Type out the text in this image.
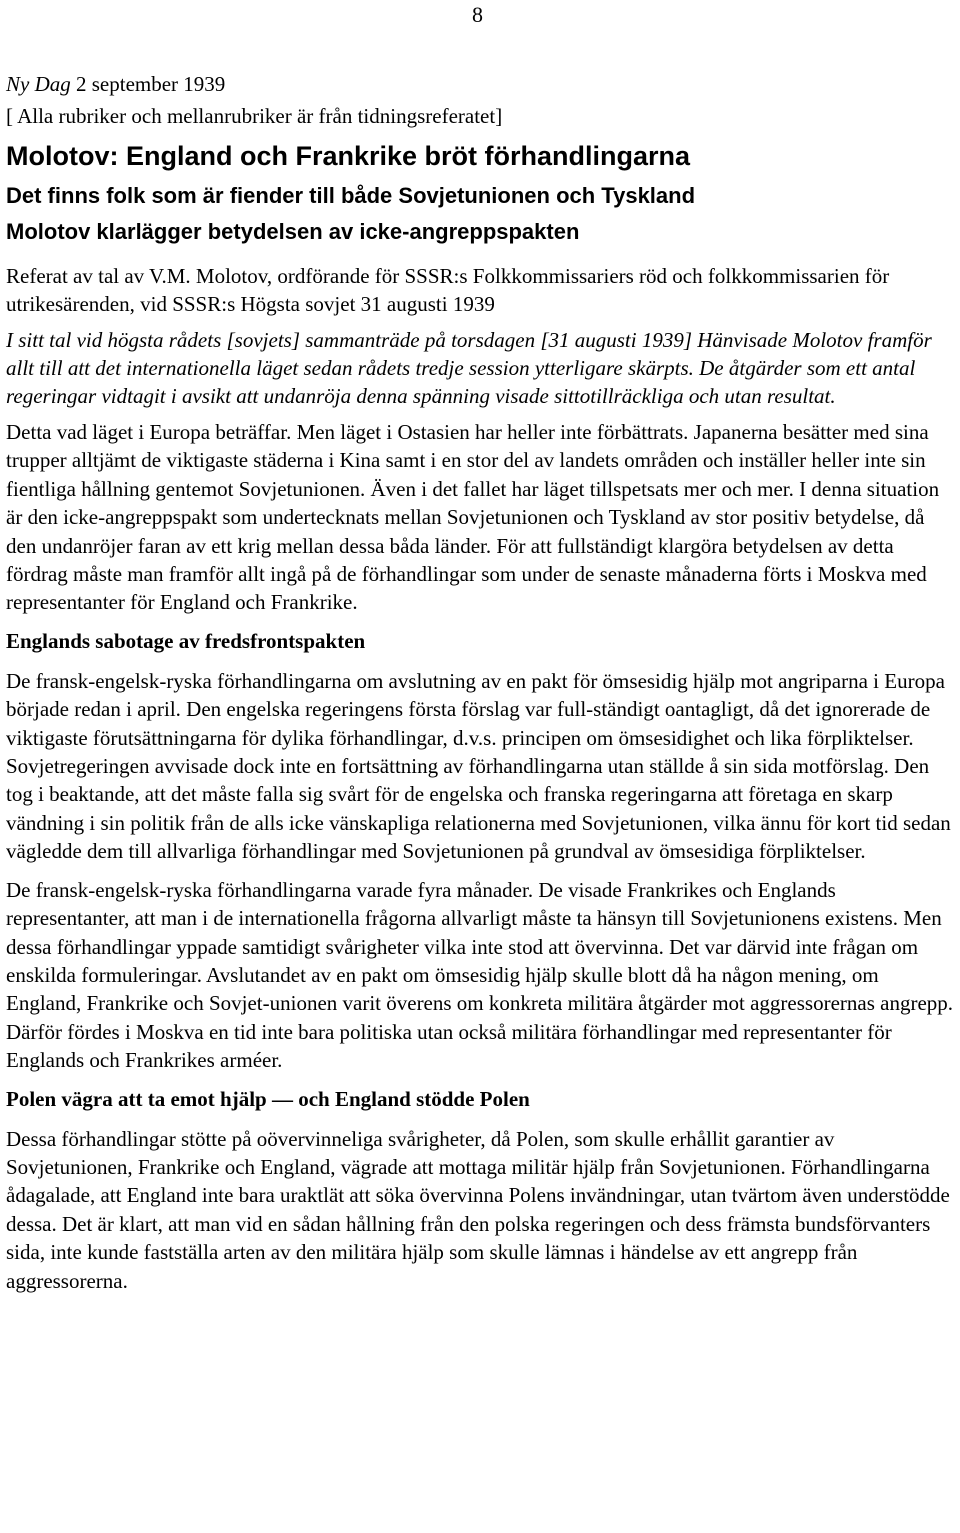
8
Ny Dag 2 september 1939
[ Alla rubriker och mellanrubriker är från tidningsreferatet]
Molotov: England och Frankrike bröt förhandlingarna
Det finns folk som är fiender till både Sovjetunionen och Tyskland
Molotov klarlägger betydelsen av icke-angreppspakten
Referat av tal av V.M. Molotov, ordförande för SSSR:s Folkkommissariers röd och folkkommissarien för utrikesärenden, vid SSSR:s Högsta sovjet 31 augusti 1939
I sitt tal vid högsta rådets [sovjets] sammanträde på torsdagen [31 augusti 1939] Hänvisade Molotov framför allt till att det internationella läget sedan rådets tredje session ytterligare skärpts. De åtgärder som ett antal regeringar vidtagit i avsikt att undanröja denna spänning visade sittotillräckliga och utan resultat.

Detta vad läget i Europa beträffar. Men läget i Ostasien har heller inte förbättrats. Japanerna besätter med sina trupper alltjämt de viktigaste städerna i Kina samt i en stor del av landets områden och inställer heller inte sin fientliga hållning gentemot Sovjetunionen. Även i det fallet har läget tillspetsats mer och mer. I denna situation är den icke-angreppspakt som undertecknats mellan Sovjetunionen och Tyskland av stor positiv betydelse, då den undanröjer faran av ett krig mellan dessa båda länder. För att fullständigt klargöra betydelsen av detta fördrag måste man framför allt ingå på de förhandlingar som under de senaste månaderna förts i Moskva med representanter för England och Frankrike.

Englands sabotage av fredsfrontspakten

De fransk-engelsk-ryska förhandlingarna om avslutning av en pakt för ömsesidig hjälp mot angriparna i Europa började redan i april. Den engelska regeringens första förslag var full-ständigt oantagligt, då det ignorerade de viktigaste förutsättningarna för dylika förhandlingar, d.v.s. principen om ömsesidighet och lika förpliktelser. Sovjetregeringen avvisade dock inte en fortsättning av förhandlingarna utan ställde å sin sida motförslag. Den tog i beaktande, att det måste falla sig svårt för de engelska och franska regeringarna att företaga en skarp vändning i sin politik från de alls icke vänskapliga relationerna med Sovjetunionen, vilka ännu för kort tid sedan vägledde dem till allvarliga förhandlingar med Sovjetunionen på grundval av ömsesidiga förpliktelser.

De fransk-engelsk-ryska förhandlingarna varade fyra månader. De visade Frankrikes och Englands representanter, att man i de internationella frågorna allvarligt måste ta hänsyn till Sovjetunionens existens. Men dessa förhandlingar yppade samtidigt svårigheter vilka inte stod att övervinna. Det var därvid inte frågan om enskilda formuleringar. Avslutandet av en pakt om ömsesidig hjälp skulle blott då ha någon mening, om England, Frankrike och Sovjet-unionen varit överens om konkreta militära åtgärder mot aggressorernas angrepp. Därför fördes i Moskva en tid inte bara politiska utan också militära förhandlingar med representanter för Englands och Frankrikes arméer.

Polen vägra att ta emot hjälp — och England stödde Polen

Dessa förhandlingar stötte på oövervinneliga svårigheter, då Polen, som skulle erhållit garantier av Sovjetunionen, Frankrike och England, vägrade att mottaga militär hjälp från Sovjetunionen. Förhandlingarna ådagalade, att England inte bara uraktlät att söka övervinna Polens invändningar, utan tvärtom även understödde dessa. Det är klart, att man vid en sådan hållning från den polska regeringen och dess främsta bundsförvanters sida, inte kunde fastställa arten av den militära hjälp som skulle lämnas i händelse av ett angrepp från aggressorerna.
